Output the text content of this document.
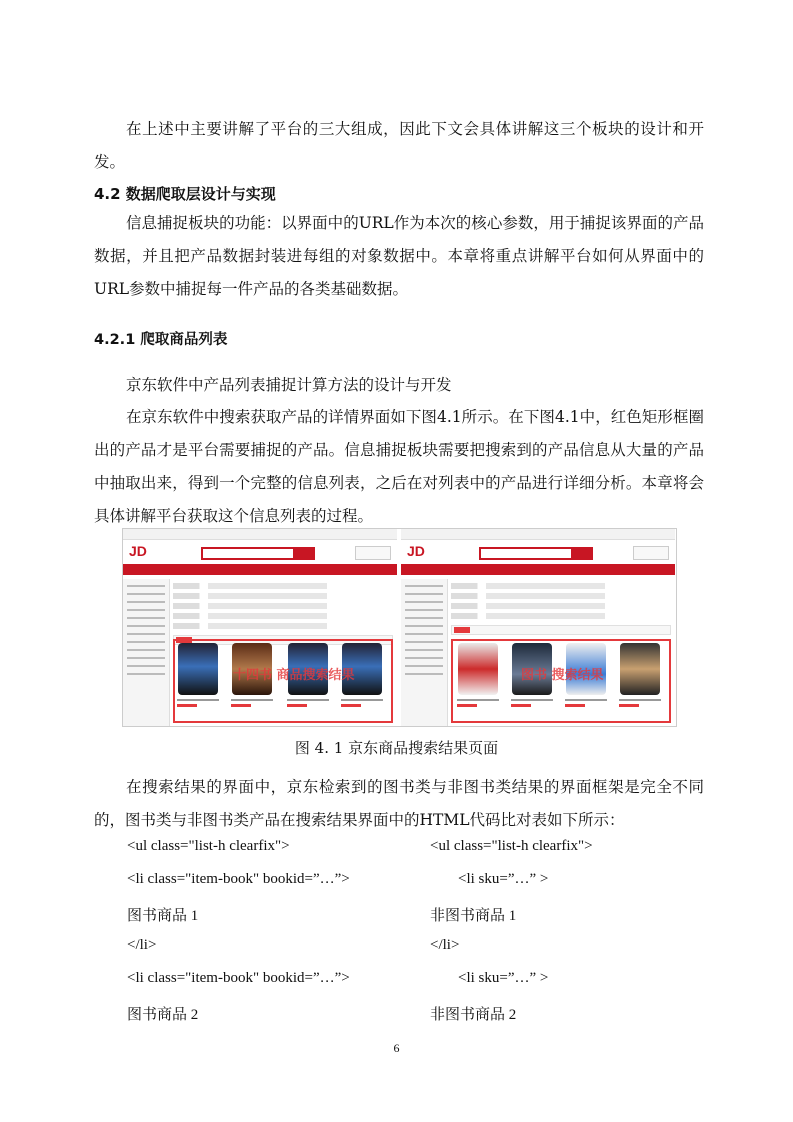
在上述中主要讲解了平台的三大组成，因此下文会具体讲解这三个板块的设计和开发。

4.2 数据爬取层设计与实现

信息捕捉板块的功能：以界面中的URL作为本次的核心参数，用于捕捉该界面的产品数据，并且把产品数据封装进每组的对象数据中。本章将重点讲解平台如何从界面中的URL参数中捕捉每一件产品的各类基础数据。

4.2.1 爬取商品列表

京东软件中产品列表捕捉计算方法的设计与开发

在京东软件中搜索获取产品的详情界面如下图4.1所示。在下图4.1中，红色矩形框圈出的产品才是平台需要捕捉的产品。信息捕捉板块需要把搜索到的产品信息从大量的产品中抽取出来，得到一个完整的信息列表，之后在对列表中的产品进行详细分析。本章将会具体讲解平台获取这个信息列表的过程。

JD
十四书 商品搜索结果
JD
图书 搜索结果

图 4. 1 京东商品搜索结果页面

在搜索结果的界面中，京东检索到的图书类与非图书类结果的界面框架是完全不同的，图书类与非图书类产品在搜索结果界面中的HTML代码比对表如下所示：

<ul class="list-h clearfix">

<li class="item-book" bookid=”…”>

图书商品 1

</li>

<li class="item-book" bookid=”…”>

图书商品 2

<ul class="list-h clearfix">

<li sku=”…” >

非图书商品 1

</li>

<li sku=”…” >

非图书商品 2

6
